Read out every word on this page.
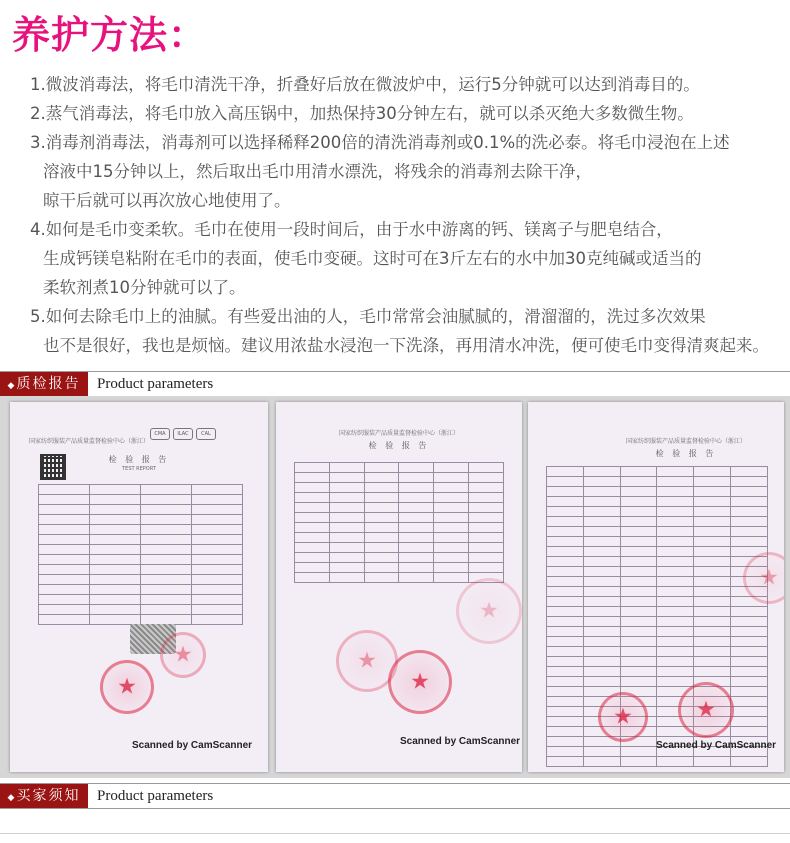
养护方法：
1.微波消毒法，将毛巾清洗干净，折叠好后放在微波炉中，运行5分钟就可以达到消毒目的。
2.蒸气消毒法，将毛巾放入高压锅中，加热保持30分钟左右，就可以杀灭绝大多数微生物。
3.消毒剂消毒法，消毒剂可以选择稀释200倍的清洗消毒剂或0.1%的洗必泰。将毛巾浸泡在上述
溶液中15分钟以上，然后取出毛巾用清水漂洗，将残余的消毒剂去除干净，
晾干后就可以再次放心地使用了。
4.如何是毛巾变柔软。毛巾在使用一段时间后，由于水中游离的钙、镁离子与肥皂结合，
生成钙镁皂粘附在毛巾的表面，使毛巾变硬。这时可在3斤左右的水中加30克纯碱或适当的
柔软剂煮10分钟就可以了。
5.如何去除毛巾上的油腻。有些爱出油的人，毛巾常常会油腻腻的，滑溜溜的，洗过多次效果
也不是很好，我也是烦恼。建议用浓盐水浸泡一下洗涤，再用清水冲洗，便可使毛巾变得清爽起来。
◆ 质检报告	Product parameters
CMA	ILAC	CAL
国家纺织服装产品质量监督检验中心（浙江）
检 验 报 告
TEST REPORT

★
★
Scanned by CamScanner
国家纺织服装产品质量监督检验中心（浙江）
检 验 报 告

★
★
★
Scanned by CamScanner
国家纺织服装产品质量监督检验中心（浙江）
检 验 报 告

★	★
★
Scanned by CamScanner
◆ 买家须知	Product parameters
